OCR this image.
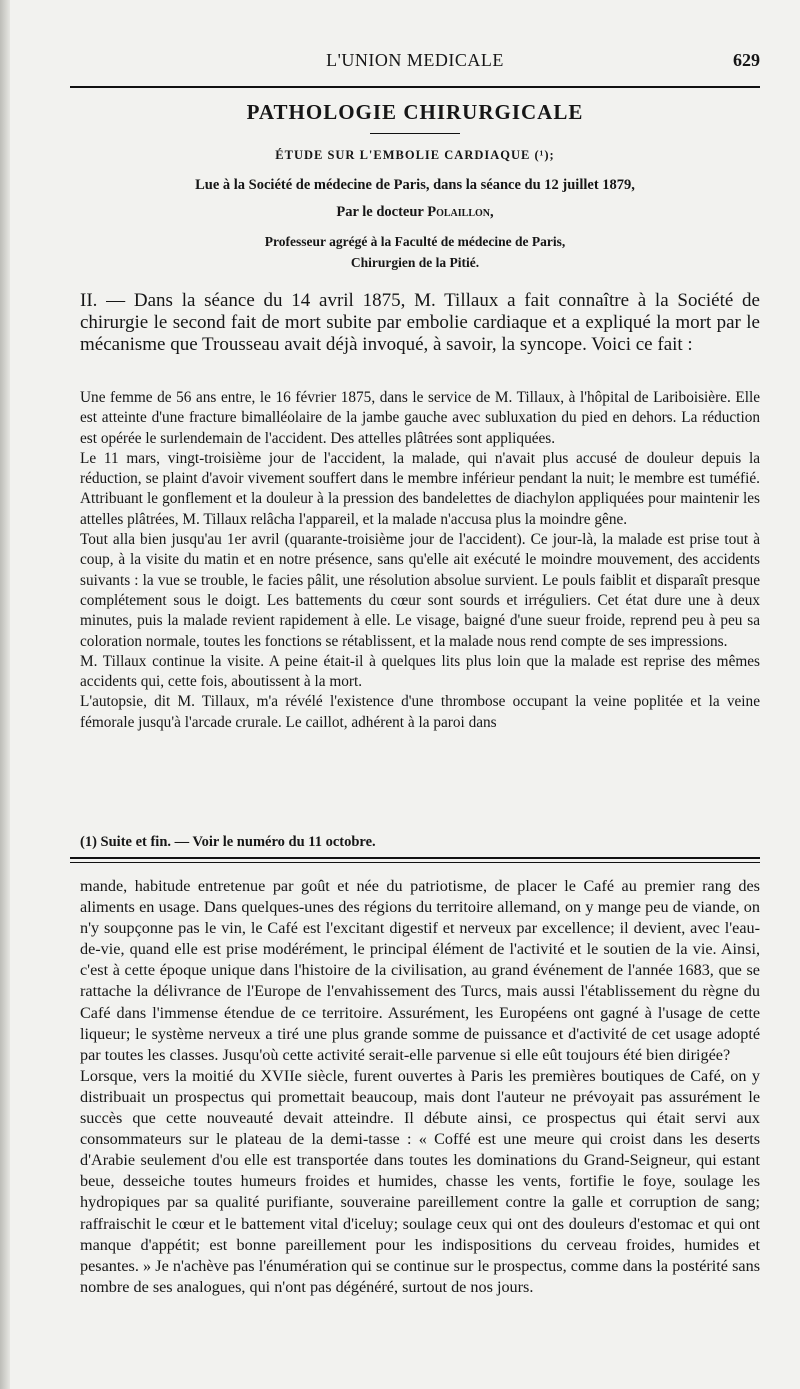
L'UNION MEDICALE	629
PATHOLOGIE CHIRURGICALE
ÉTUDE SUR L'EMBOLIE CARDIAQUE (¹);
Lue à la Société de médecine de Paris, dans la séance du 12 juillet 1879,
Par le docteur Polaillon,
Professeur agrégé à la Faculté de médecine de Paris,
Chirurgien de la Pitié.

II. — Dans la séance du 14 avril 1875, M. Tillaux a fait connaître à la Société de chirurgie le second fait de mort subite par embolie cardiaque et a expliqué la mort par le mécanisme que Trousseau avait déjà invoqué, à savoir, la syncope. Voici ce fait :

Une femme de 56 ans entre, le 16 février 1875, dans le service de M. Tillaux, à l'hôpital de Lariboisière. Elle est atteinte d'une fracture bimalléolaire de la jambe gauche avec subluxation du pied en dehors. La réduction est opérée le surlendemain de l'accident. Des attelles plâtrées sont appliquées.

Le 11 mars, vingt-troisième jour de l'accident, la malade, qui n'avait plus accusé de douleur depuis la réduction, se plaint d'avoir vivement souffert dans le membre inférieur pendant la nuit; le membre est tuméfié. Attribuant le gonflement et la douleur à la pression des bandelettes de diachylon appliquées pour maintenir les attelles plâtrées, M. Tillaux relâcha l'appareil, et la malade n'accusa plus la moindre gêne.

Tout alla bien jusqu'au 1er avril (quarante-troisième jour de l'accident). Ce jour-là, la malade est prise tout à coup, à la visite du matin et en notre présence, sans qu'elle ait exécuté le moindre mouvement, des accidents suivants : la vue se trouble, le facies pâlit, une résolution absolue survient. Le pouls faiblit et disparaît presque complétement sous le doigt. Les battements du cœur sont sourds et irréguliers. Cet état dure une à deux minutes, puis la malade revient rapidement à elle. Le visage, baigné d'une sueur froide, reprend peu à peu sa coloration normale, toutes les fonctions se rétablissent, et la malade nous rend compte de ses impressions.

M. Tillaux continue la visite. A peine était-il à quelques lits plus loin que la malade est reprise des mêmes accidents qui, cette fois, aboutissent à la mort.

L'autopsie, dit M. Tillaux, m'a révélé l'existence d'une thrombose occupant la veine poplitée et la veine fémorale jusqu'à l'arcade crurale. Le caillot, adhérent à la paroi dans

(1) Suite et fin. — Voir le numéro du 11 octobre.

mande, habitude entretenue par goût et née du patriotisme, de placer le Café au premier rang des aliments en usage. Dans quelques-unes des régions du territoire allemand, on y mange peu de viande, on n'y soupçonne pas le vin, le Café est l'excitant digestif et nerveux par excellence; il devient, avec l'eau-de-vie, quand elle est prise modérément, le principal élément de l'activité et le soutien de la vie. Ainsi, c'est à cette époque unique dans l'histoire de la civilisation, au grand événement de l'année 1683, que se rattache la délivrance de l'Europe de l'envahissement des Turcs, mais aussi l'établissement du règne du Café dans l'immense étendue de ce territoire. Assurément, les Européens ont gagné à l'usage de cette liqueur; le système nerveux a tiré une plus grande somme de puissance et d'activité de cet usage adopté par toutes les classes. Jusqu'où cette activité serait-elle parvenue si elle eût toujours été bien dirigée?

Lorsque, vers la moitié du XVIIe siècle, furent ouvertes à Paris les premières boutiques de Café, on y distribuait un prospectus qui promettait beaucoup, mais dont l'auteur ne prévoyait pas assurément le succès que cette nouveauté devait atteindre. Il débute ainsi, ce prospectus qui était servi aux consommateurs sur le plateau de la demi-tasse : « Coffé est une meure qui croist dans les deserts d'Arabie seulement d'ou elle est transportée dans toutes les dominations du Grand-Seigneur, qui estant beue, desseiche toutes humeurs froides et humides, chasse les vents, fortifie le foye, soulage les hydropiques par sa qualité purifiante, souveraine pareillement contre la galle et corruption de sang; raffraischit le cœur et le battement vital d'iceluy; soulage ceux qui ont des douleurs d'estomac et qui ont manque d'appétit; est bonne pareillement pour les indispositions du cerveau froides, humides et pesantes. » Je n'achève pas l'énumération qui se continue sur le prospectus, comme dans la postérité sans nombre de ses analogues, qui n'ont pas dégénéré, surtout de nos jours.
